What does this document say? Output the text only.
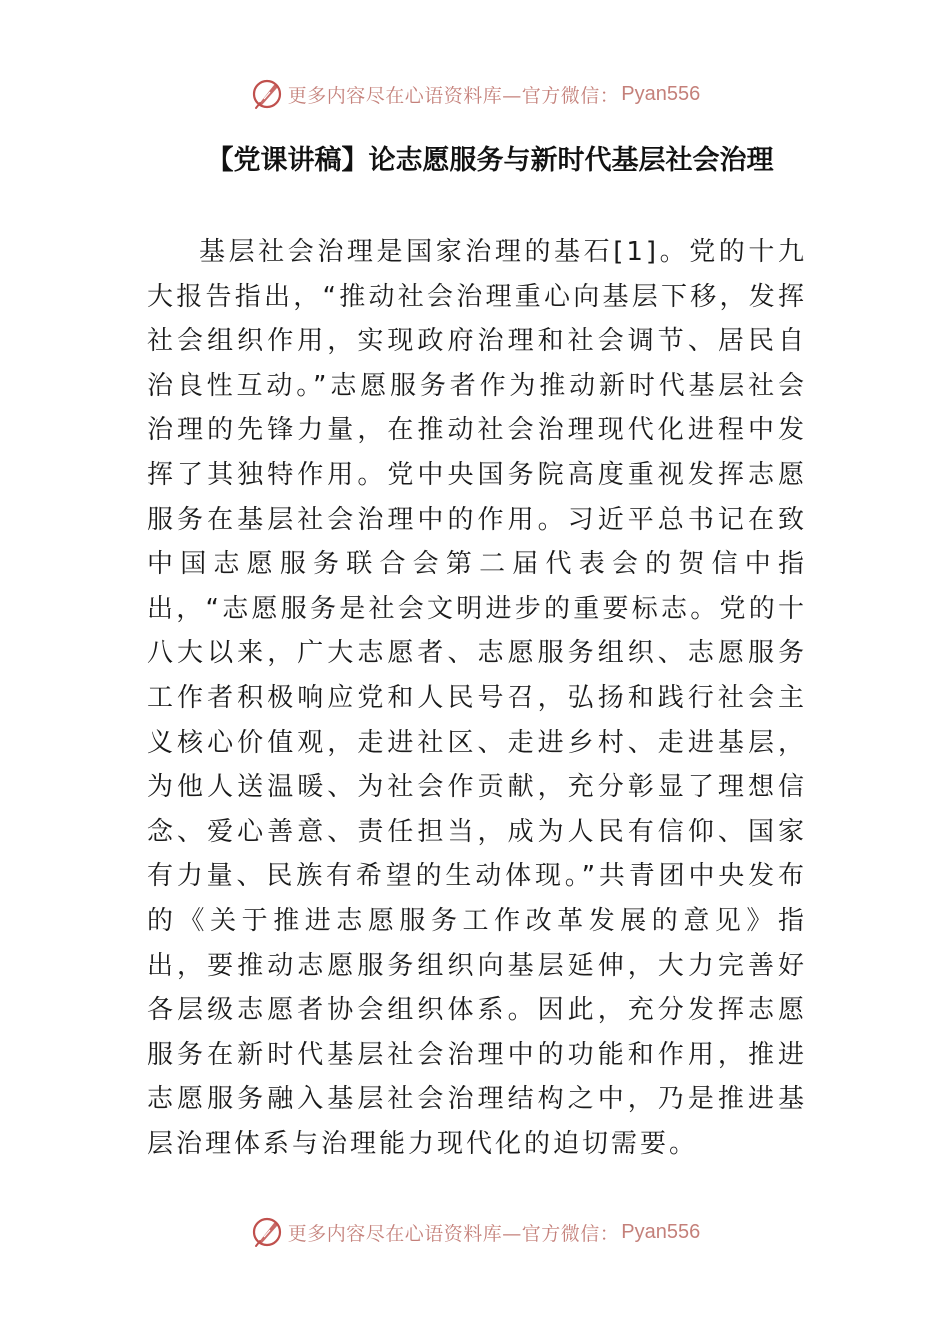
更多内容尽在心语资料库—官方微信： Pyan556
【党课讲稿】论志愿服务与新时代基层社会治理

基层社会治理是国家治理的基石[1]。党的十九大报告指出，“推动社会治理重心向基层下移，发挥社会组织作用，实现政府治理和社会调节、居民自治良性互动。”志愿服务者作为推动新时代基层社会治理的先锋力量，在推动社会治理现代化进程中发挥了其独特作用。党中央国务院高度重视发挥志愿服务在基层社会治理中的作用。习近平总书记在致中国志愿服务联合会第二届代表会的贺信中指出，“志愿服务是社会文明进步的重要标志。党的十八大以来，广大志愿者、志愿服务组织、志愿服务工作者积极响应党和人民号召，弘扬和践行社会主义核心价值观，走进社区、走进乡村、走进基层，为他人送温暖、为社会作贡献，充分彰显了理想信念、爱心善意、责任担当，成为人民有信仰、国家有力量、民族有希望的生动体现。”共青团中央发布的《关于推进志愿服务工作改革发展的意见》指出，要推动志愿服务组织向基层延伸，大力完善好各层级志愿者协会组织体系。因此，充分发挥志愿服务在新时代基层社会治理中的功能和作用，推进志愿服务融入基层社会治理结构之中，乃是推进基层治理体系与治理能力现代化的迫切需要。

更多内容尽在心语资料库—官方微信： Pyan556
